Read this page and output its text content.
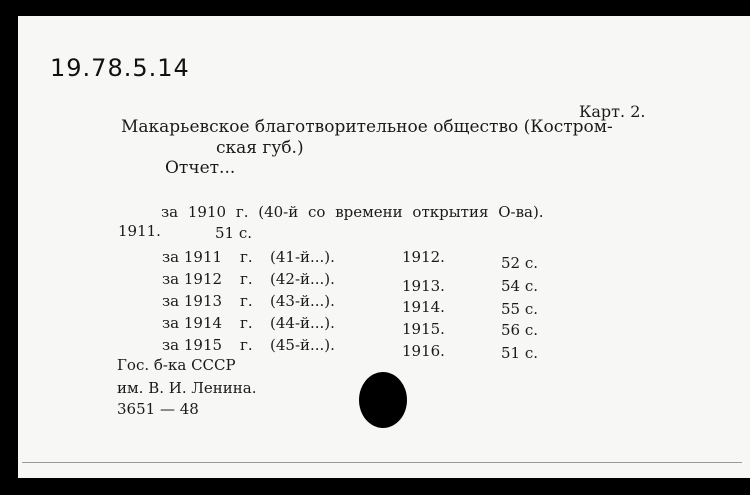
19.78.5.14
Карт. 2.
Макарьевское благотворительное общество (Костром-
ская губ.)
Отчет...
за 1910 г. (40-й со времени открытия О-ва).
1911.	51 с.
за 1911 г. (41-й...).	1912.	52 с.
за 1912 г. (42-й...).	1913.	54 с.
за 1913 г. (43-й...).	1914.	55 с.
за 1914 г. (44-й...).	1915.	56 с.
за 1915 г. (45-й...).	1916.	51 с.
Гос. б-ка СССР
им. В. И. Ленина.
3651 — 48
